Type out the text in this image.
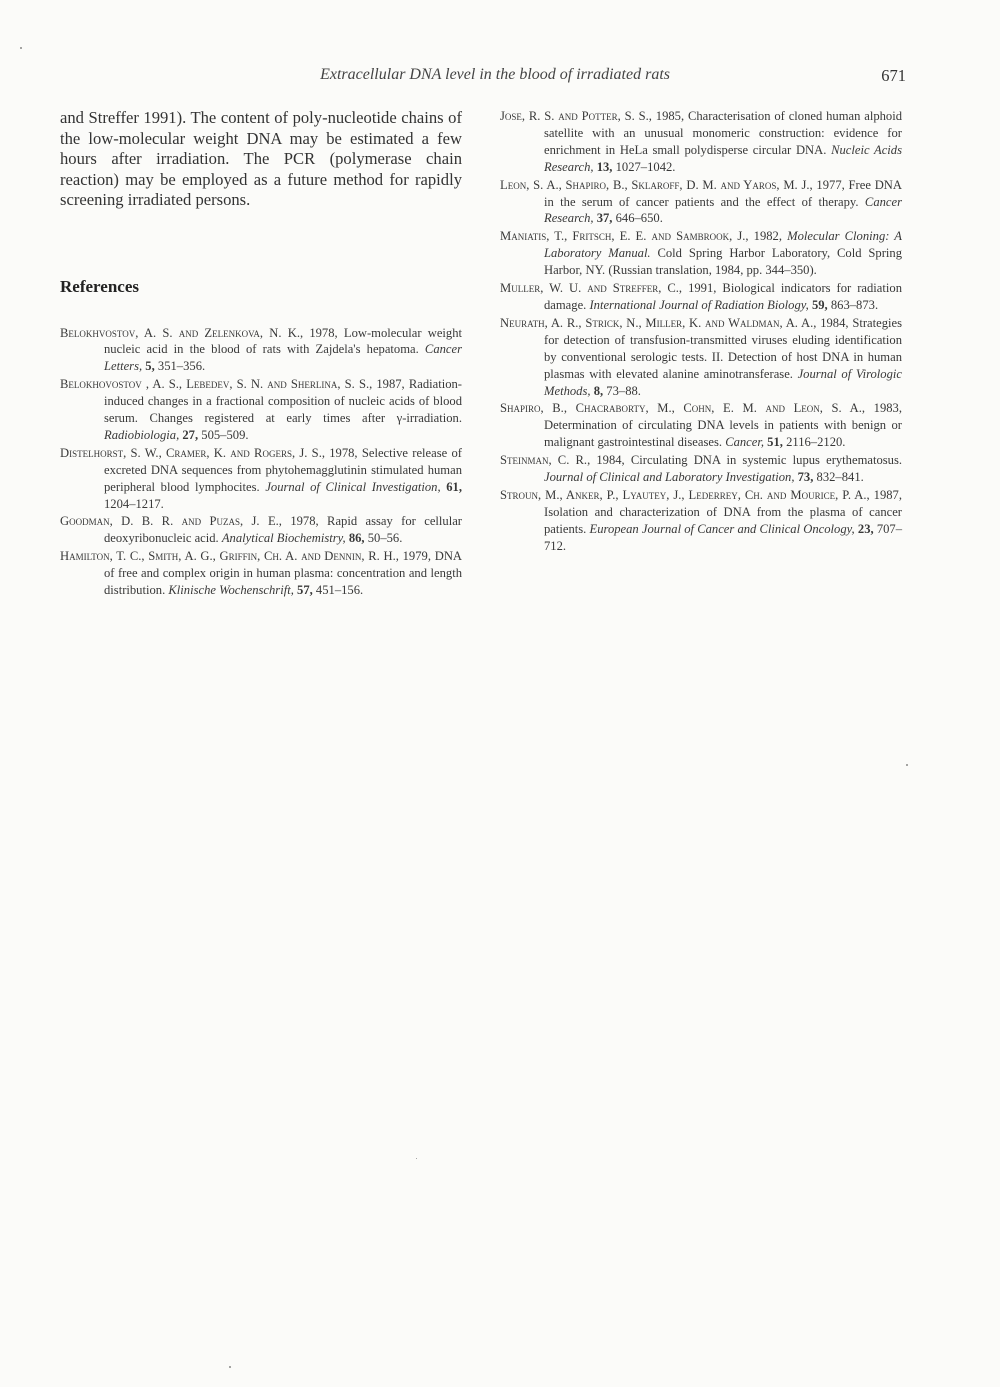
Extracellular DNA level in the blood of irradiated rats	671

and Streffer 1991). The content of poly-nucleotide chains of the low-molecular weight DNA may be estimated a few hours after irradiation. The PCR (polymerase chain reaction) may be employed as a future method for rapidly screening irradiated persons.

References

Belokhvostov, A. S. and Zelenkova, N. K., 1978, Low-molecular weight nucleic acid in the blood of rats with Zajdela's hepatoma. Cancer Letters, 5, 351–356.

Belokhovostov , A. S., Lebedev, S. N. and Sherlina, S. S., 1987, Radiation-induced changes in a fractional composition of nucleic acids of blood serum. Changes registered at early times after γ-irradiation. Radiobiologia, 27, 505–509.

Distelhorst, S. W., Cramer, K. and Rogers, J. S., 1978, Selective release of excreted DNA sequences from phytohemagglutinin stimulated human peripheral blood lymphocites. Journal of Clinical Investigation, 61, 1204–1217.

Goodman, D. B. R. and Puzas, J. E., 1978, Rapid assay for cellular deoxyribonucleic acid. Analytical Biochemistry, 86, 50–56.

Hamilton, T. C., Smith, A. G., Griffin, Ch. A. and Dennin, R. H., 1979, DNA of free and complex origin in human plasma: concentration and length distribution. Klinische Wochenschrift, 57, 451–156.

Jose, R. S. and Potter, S. S., 1985, Characterisation of cloned human alphoid satellite with an unusual monomeric construction: evidence for enrichment in HeLa small polydisperse circular DNA. Nucleic Acids Research, 13, 1027–1042.

Leon, S. A., Shapiro, B., Sklaroff, D. M. and Yaros, M. J., 1977, Free DNA in the serum of cancer patients and the effect of therapy. Cancer Research, 37, 646–650.

Maniatis, T., Fritsch, E. E. and Sambrook, J., 1982, Molecular Cloning: A Laboratory Manual. Cold Spring Harbor Laboratory, Cold Spring Harbor, NY. (Russian translation, 1984, pp. 344–350).

Muller, W. U. and Streffer, C., 1991, Biological indicators for radiation damage. International Journal of Radiation Biology, 59, 863–873.

Neurath, A. R., Strick, N., Miller, K. and Waldman, A. A., 1984, Strategies for detection of transfusion-transmitted viruses eluding identification by conventional serologic tests. II. Detection of host DNA in human plasmas with elevated alanine aminotransferase. Journal of Virologic Methods, 8, 73–88.

Shapiro, B., Chacraborty, M., Cohn, E. M. and Leon, S. A., 1983, Determination of circulating DNA levels in patients with benign or malignant gastrointestinal diseases. Cancer, 51, 2116–2120.

Steinman, C. R., 1984, Circulating DNA in systemic lupus erythematosus. Journal of Clinical and Laboratory Investigation, 73, 832–841.

Stroun, M., Anker, P., Lyautey, J., Lederrey, Ch. and Mourice, P. A., 1987, Isolation and characterization of DNA from the plasma of cancer patients. European Journal of Cancer and Clinical Oncology, 23, 707–712.
